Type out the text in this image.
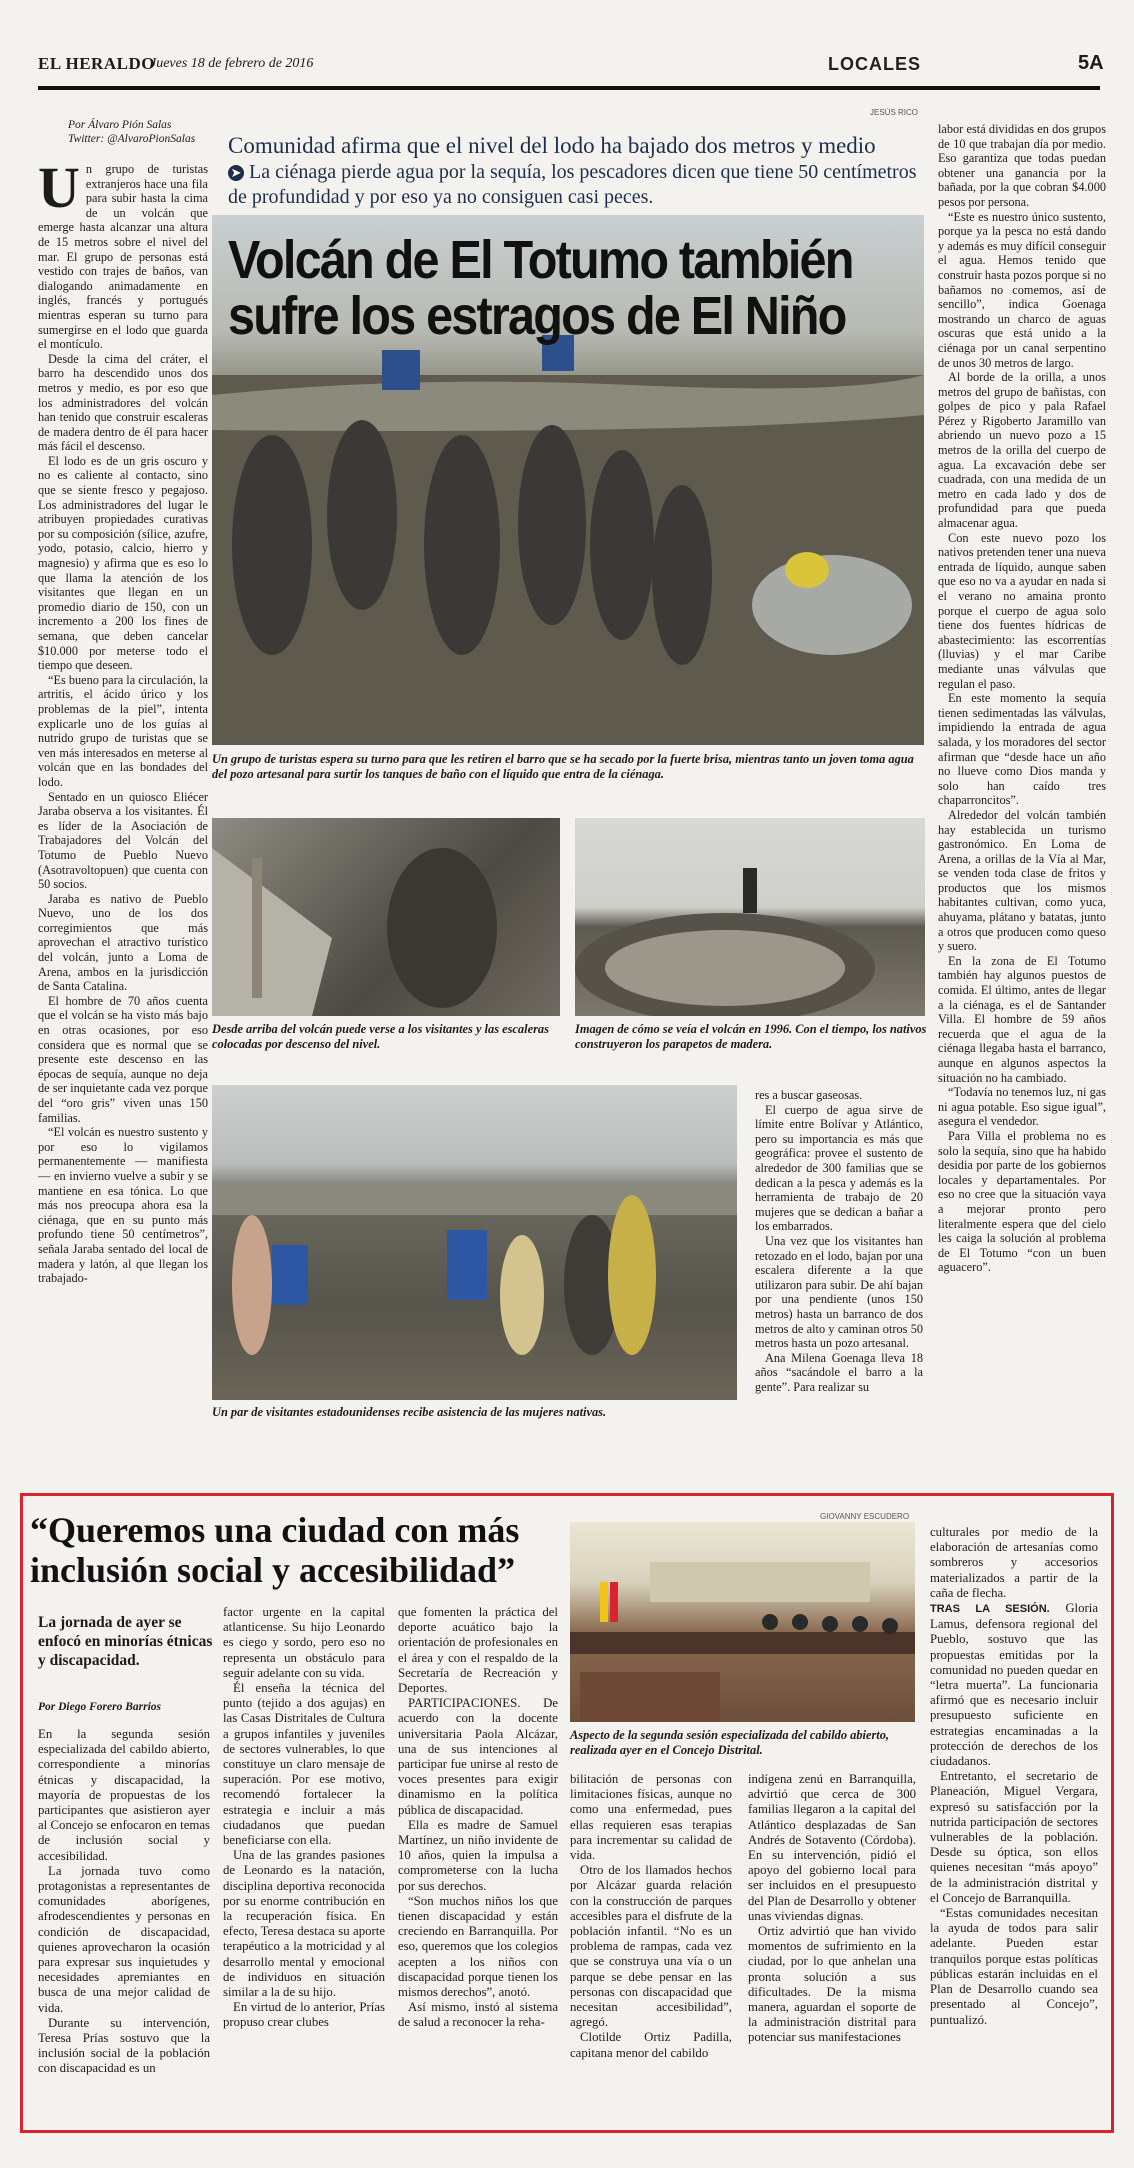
EL HERALDO
Jueves 18 de febrero de 2016	LOCALES	5A
Por Álvaro Pión Salas
Twitter: @AlvaroPionSalas
U n grupo de turistas extranjeros hace una fila para subir hasta la cima de un volcán que emerge hasta alcanzar una altura de 15 metros sobre el nivel del mar. El grupo de personas está vestido con trajes de baños, van dialogando animadamente en inglés, francés y portugués mientras esperan su turno para sumergirse en el lodo que guarda el montículo.

Desde la cima del cráter, el barro ha descendido unos dos metros y medio, es por eso que los administradores del volcán han tenido que construir escaleras de madera dentro de él para hacer más fácil el descenso.

El lodo es de un gris oscuro y no es caliente al contacto, sino que se siente fresco y pegajoso. Los administradores del lugar le atribuyen propiedades curativas por su composición (sílice, azufre, yodo, potasio, calcio, hierro y magnesio) y afirma que es eso lo que llama la atención de los visitantes que llegan en un promedio diario de 150, con un incremento a 200 los fines de semana, que deben cancelar $10.000 por meterse todo el tiempo que deseen.

“Es bueno para la circulación, la artritis, el ácido úrico y los problemas de la piel”, intenta explicarle uno de los guías al nutrido grupo de turistas que se ven más interesados en meterse al volcán que en las bondades del lodo.

Sentado en un quiosco Eliécer Jaraba observa a los visitantes. Él es líder de la Asociación de Trabajadores del Volcán del Totumo de Pueblo Nuevo (Asotravoltopuen) que cuenta con 50 socios.

Jaraba es nativo de Pueblo Nuevo, uno de los dos corregimientos que más aprovechan el atractivo turístico del volcán, junto a Loma de Arena, ambos en la jurisdicción de Santa Catalina.

El hombre de 70 años cuenta que el volcán se ha visto más bajo en otras ocasiones, por eso considera que es normal que se presente este descenso en las épocas de sequía, aunque no deja de ser inquietante cada vez porque del “oro gris” viven unas 150 familias.

“El volcán es nuestro sustento y por eso lo vigilamos permanentemente — manifiesta — en invierno vuelve a subir y se mantiene en esa tónica. Lo que más nos preocupa ahora esa la ciénaga, que en su punto más profundo tiene 50 centímetros”, señala Jaraba sentado del local de madera y latón, al que llegan los trabajado-

JESÚS RICO
Comunidad afirma que el nivel del lodo ha bajado dos metros y medio
➤ La ciénaga pierde agua por la sequía, los pescadores dicen que tiene 50 centímetros de profundidad y por eso ya no consiguen casi peces.
Volcán de El Totumo también sufre los estragos de El Niño
Un grupo de turistas espera su turno para que les retiren el barro que se ha secado por la fuerte brisa, mientras tanto un joven toma agua del pozo artesanal para surtir los tanques de baño con el líquido que entra de la ciénaga.
Desde arriba del volcán puede verse a los visitantes y las escaleras colocadas por descenso del nivel.
Imagen de cómo se veía el volcán en 1996. Con el tiempo, los nativos construyeron los parapetos de madera.
Un par de visitantes estadounidenses recibe asistencia de las mujeres nativas.

res a buscar gaseosas.

El cuerpo de agua sirve de límite entre Bolívar y Atlántico, pero su importancia es más que geográfica: provee el sustento de alrededor de 300 familias que se dedican a la pesca y además es la herramienta de trabajo de 20 mujeres que se dedican a bañar a los embarrados.

Una vez que los visitantes han retozado en el lodo, bajan por una escalera diferente a la que utilizaron para subir. De ahí bajan por una pendiente (unos 150 metros) hasta un barranco de dos metros de alto y caminan otros 50 metros hasta un pozo artesanal.

Ana Milena Goenaga lleva 18 años “sacándole el barro a la gente”. Para realizar su

labor está divididas en dos grupos de 10 que trabajan día por medio. Eso garantiza que todas puedan obtener una ganancia por la bañada, por la que cobran $4.000 pesos por persona.

“Este es nuestro único sustento, porque ya la pesca no está dando y además es muy difícil conseguir el agua. Hemos tenido que construir hasta pozos porque si no bañamos no comemos, así de sencillo”, indica Goenaga mostrando un charco de aguas oscuras que está unido a la ciénaga por un canal serpentino de unos 30 metros de largo.

Al borde de la orilla, a unos metros del grupo de bañistas, con golpes de pico y pala Rafael Pérez y Rigoberto Jaramillo van abriendo un nuevo pozo a 15 metros de la orilla del cuerpo de agua. La excavación debe ser cuadrada, con una medida de un metro en cada lado y dos de profundidad para que pueda almacenar agua.

Con este nuevo pozo los nativos pretenden tener una nueva entrada de líquido, aunque saben que eso no va a ayudar en nada si el verano no amaina pronto porque el cuerpo de agua solo tiene dos fuentes hídricas de abastecimiento: las escorrentías (lluvias) y el mar Caribe mediante unas válvulas que regulan el paso.

En este momento la sequía tienen sedimentadas las válvulas, impidiendo la entrada de agua salada, y los moradores del sector afirman que “desde hace un año no llueve como Dios manda y solo han caído tres chaparroncitos”.

Alrededor del volcán también hay establecida un turismo gastronómico. En Loma de Arena, a orillas de la Vía al Mar, se venden toda clase de fritos y productos que los mismos habitantes cultivan, como yuca, ahuyama, plátano y batatas, junto a otros que producen como queso y suero.

En la zona de El Totumo también hay algunos puestos de comida. El último, antes de llegar a la ciénaga, es el de Santander Villa. El hombre de 59 años recuerda que el agua de la ciénaga llegaba hasta el barranco, aunque en algunos aspectos la situación no ha cambiado.

“Todavía no tenemos luz, ni gas ni agua potable. Eso sigue igual”, asegura el vendedor.

Para Villa el problema no es solo la sequía, sino que ha habido desidia por parte de los gobiernos locales y departamentales. Por eso no cree que la situación vaya a mejorar pronto pero literalmente espera que del cielo les caiga la solución al problema de El Totumo “con un buen aguacero”.

“Queremos una ciudad con más inclusión social y accesibilidad”
La jornada de ayer se enfocó en minorías étnicas y discapacidad.
Por Diego Forero Barrios
GIOVANNY ESCUDERO
Aspecto de la segunda sesión especializada del cabildo abierto, realizada ayer en el Concejo Distrital.

En la segunda sesión especializada del cabildo abierto, correspondiente a minorías étnicas y discapacidad, la mayoría de propuestas de los participantes que asistieron ayer al Concejo se enfocaron en temas de inclusión social y accesibilidad.

La jornada tuvo como protagonistas a representantes de comunidades aborígenes, afrodescendientes y personas en condición de discapacidad, quienes aprovecharon la ocasión para expresar sus inquietudes y necesidades apremiantes en busca de una mejor calidad de vida.

Durante su intervención, Teresa Prías sostuvo que la inclusión social de la población con discapacidad es un

factor urgente en la capital atlanticense. Su hijo Leonardo es ciego y sordo, pero eso no representa un obstáculo para seguir adelante con su vida.

Él enseña la técnica del punto (tejido a dos agujas) en las Casas Distritales de Cultura a grupos infantiles y juveniles de sectores vulnerables, lo que constituye un claro mensaje de superación. Por ese motivo, recomendó fortalecer la estrategia e incluir a más ciudadanos que puedan beneficiarse con ella.

Una de las grandes pasiones de Leonardo es la natación, disciplina deportiva reconocida por su enorme contribución en la recuperación física. En efecto, Teresa destaca su aporte terapéutico a la motricidad y al desarrollo mental y emocional de individuos en situación similar a la de su hijo.

En virtud de lo anterior, Prías propuso crear clubes

que fomenten la práctica del deporte acuático bajo la orientación de profesionales en el área y con el respaldo de la Secretaría de Recreación y Deportes.

PARTICIPACIONES. De acuerdo con la docente universitaria Paola Alcázar, una de sus intenciones al participar fue unirse al resto de voces presentes para exigir dinamismo en la política pública de discapacidad.

Ella es madre de Samuel Martínez, un niño invidente de 10 años, quien la impulsa a comprometerse con la lucha por sus derechos.

“Son muchos niños los que tienen discapacidad y están creciendo en Barranquilla. Por eso, queremos que los colegios acepten a los niños con discapacidad porque tienen los mismos derechos”, anotó.

Así mismo, instó al sistema de salud a reconocer la reha-

bilitación de personas con limitaciones físicas, aunque no como una enfermedad, pues ellas requieren esas terapias para incrementar su calidad de vida.

Otro de los llamados hechos por Alcázar guarda relación con la construcción de parques accesibles para el disfrute de la población infantil. “No es un problema de rampas, cada vez que se construya una vía o un parque se debe pensar en las personas con discapacidad que necesitan accesibilidad”, agregó.

Clotilde Ortiz Padilla, capitana menor del cabildo

indígena zenú en Barranquilla, advirtió que cerca de 300 familias llegaron a la capital del Atlántico desplazadas de San Andrés de Sotavento (Córdoba). En su intervención, pidió el apoyo del gobierno local para ser incluidos en el presupuesto del Plan de Desarrollo y obtener unas viviendas dignas.

Ortiz advirtió que han vivido momentos de sufrimiento en la ciudad, por lo que anhelan una pronta solución a sus dificultades. De la misma manera, aguardan el soporte de la administración distrital para potenciar sus manifestaciones

culturales por medio de la elaboración de artesanías como sombreros y accesorios materializados a partir de la caña de flecha.

TRAS LA SESIÓN. Gloria Lamus, defensora regional del Pueblo, sostuvo que las propuestas emitidas por la comunidad no pueden quedar en “letra muerta”. La funcionaria afirmó que es necesario incluir presupuesto suficiente en estrategias encaminadas a la protección de derechos de los ciudadanos.

Entretanto, el secretario de Planeación, Miguel Vergara, expresó su satisfacción por la nutrida participación de sectores vulnerables de la población. Desde su óptica, son ellos quienes necesitan “más apoyo” de la administración distrital y el Concejo de Barranquilla.

“Estas comunidades necesitan la ayuda de todos para salir adelante. Pueden estar tranquilos porque estas políticas públicas estarán incluidas en el Plan de Desarrollo cuando sea presentado al Concejo”, puntualizó.
